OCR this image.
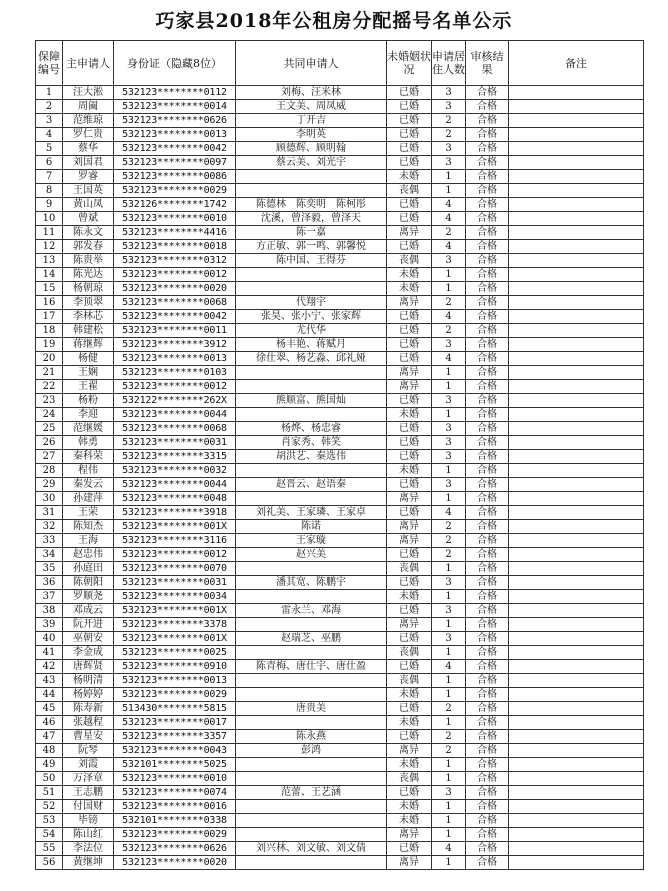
巧家县2018年公租房分配摇号名单公示
保障编号	主申请人	身份证（隐藏8位）	共同申请人	未婚姻状况	申请居住人数	审核结果	备注
1	汪大淞	532123********0112	刘梅、汪米林	已婚	3	合格	
2	周阖	532123********0014	王文美、周凤威	已婚	3	合格	
3	范维琼	532123********0626	丁开吉	已婚	2	合格	
4	罗仁贵	532123********0013	李明英	已婚	2	合格	
5	蔡华	532123********0042	顾德辉、顾明翰	已婚	3	合格	
6	刘国君	532123********0097	蔡云美、刘光宇	已婚	3	合格	
7	罗睿	532123********0086		未婚	1	合格	
8	王国英	532123********0029		丧偶	1	合格	
9	黄山凤	532126********1742	陈德林　陈奕明　陈柯彤	已婚	4	合格	
10	曾斌	532123********0010	沈溪，曾泽毅，曾泽天	已婚	4	合格	
11	陈永文	532123********4416	陈一嘉	离异	2	合格	
12	郭发春	532123********0018	方正敏、郭一鸣、郭馨悦	已婚	4	合格	
13	陈贵举	532123********0312	陈中国、王得芬	丧偶	3	合格	
14	陈光达	532123********0012		未婚	1	合格	
15	杨朝琼	532123********0020		未婚	1	合格	
16	李顶翠	532123********0068	代翔宇	离异	2	合格	
17	李林芯	532123********0042	张昊、张小宁、张家辉	已婚	4	合格	
18	韩建松	532123********0011	尤代华	已婚	2	合格	
19	蒋继辉	532123********3912	杨丰艳、蒋赋月	已婚	3	合格	
20	杨健	532123********0013	徐仕翠、杨艺淼、邱礼娅	已婚	4	合格	
21	王娴	532123********0103		离异	1	合格	
22	王翟	532123********0012		离异	1	合格	
23	杨粉	532122********262X	熊顺富、熊国灿	已婚	3	合格	
24	李迎	532123********0044		未婚	1	合格	
25	范继媛	532123********0068	杨烨、杨忠睿	已婚	3	合格	
26	韩勇	532123********0031	肖家秀、韩笑	已婚	3	合格	
27	秦科荣	532123********3315	胡洪艺、秦选伟	已婚	3	合格	
28	程伟	532123********0032		未婚	1	合格	
29	秦发云	532123********0044	赵晋云、赵语秦	已婚	3	合格	
30	孙建萍	532123********0048		离异	1	合格	
31	王荣	532123********3918	刘礼美、王家璘、王家卓	已婚	4	合格	
32	陈知杰	532123********001X	陈诺	离异	2	合格	
33	王海	532123********3116	王家璇	离异	2	合格	
34	赵忠伟	532123********0012	赵兴美	已婚	2	合格	
35	孙庭田	532123********0070		丧偶	1	合格	
36	陈朝阳	532123********0031	潘其宽、陈鹏宇	已婚	3	合格	
37	罗顺尧	532123********0034		未婚	1	合格	
38	邓成云	532123********001X	雷永兰、邓海	已婚	3	合格	
39	阮开进	532123********3378		离异	1	合格	
40	巫朝安	532123********001X	赵瑞芝、巫鹏	已婚	3	合格	
41	李金成	532123********0025		丧偶	1	合格	
42	唐辉贤	532123********0910	陈青梅、唐仕宇、唐仕盈	已婚	4	合格	
43	杨明清	532123********0013		丧偶	1	合格	
44	杨婷婷	532123********0029		未婚	1	合格	
45	陈寿新	513430********5815	唐贵美	已婚	2	合格	
46	张越程	532123********0017		未婚	1	合格	
47	曹星安	532123********3357	陈永燕	已婚	2	合格	
48	阮琴	532123********0043	彭鸿	离异	2	合格	
49	刘霞	532101********5025		未婚	1	合格	
50	万泽章	532123********0010		丧偶	1	合格	
51	王志鹏	532123********0074	范蕾、王艺涵	已婚	3	合格	
52	付国财	532123********0016		未婚	1	合格	
53	毕镑	532101********0338		未婚	1	合格	
54	陈山红	532123********0029		离异	1	合格	
55	李法位	532123********0626	刘兴林、刘文敏、刘文倩	已婚	4	合格	
56	黄继坤	532123********0020		离异	1	合格	
